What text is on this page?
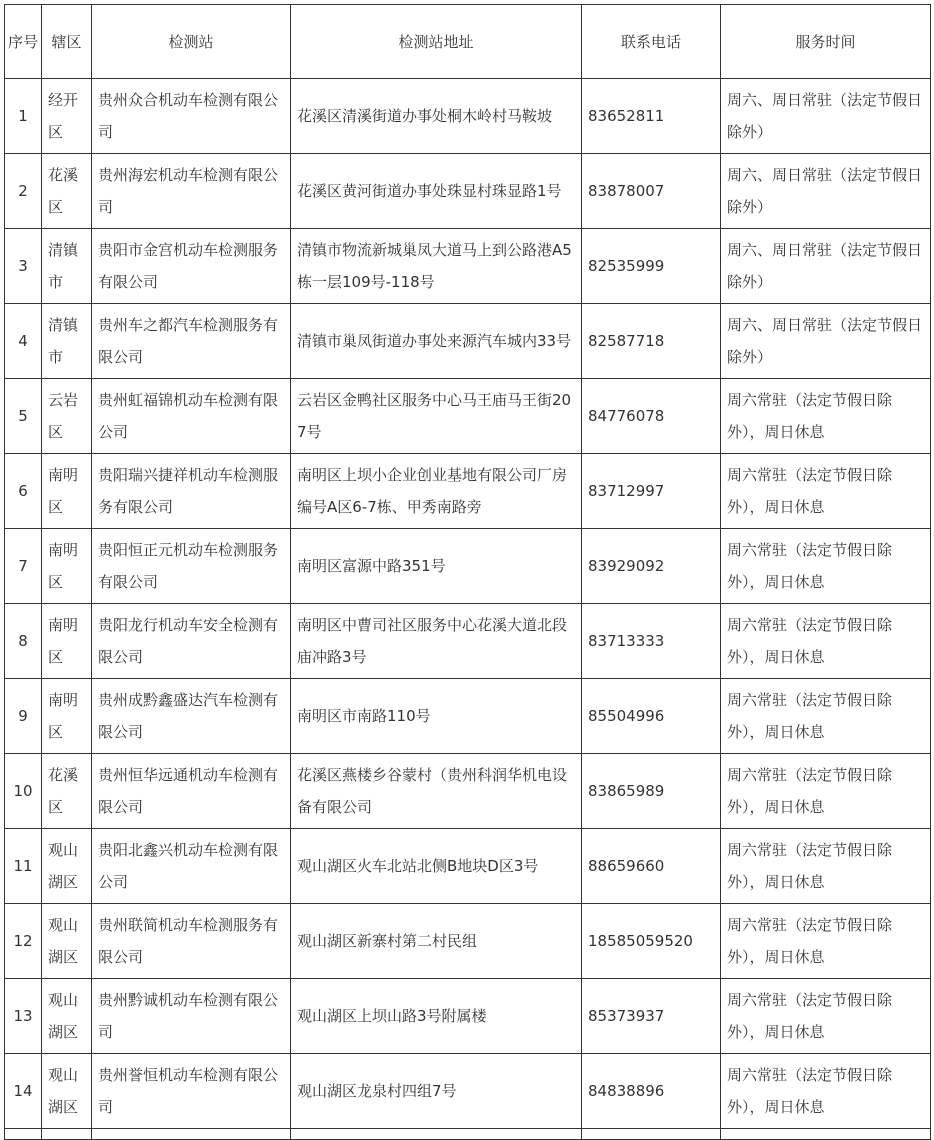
序号	辖区	检测站	检测站地址	联系电话	服务时间
1	经开区	贵州众合机动车检测有限公司	花溪区清溪街道办事处桐木岭村马鞍坡	83652811	周六、周日常驻（法定节假日除外）
2	花溪区	贵州海宏机动车检测有限公司	花溪区黄河街道办事处珠显村珠显路1号	83878007	周六、周日常驻（法定节假日除外）
3	清镇市	贵阳市金宫机动车检测服务有限公司	清镇市物流新城巢凤大道马上到公路港A5栋一层109号-118号	82535999	周六、周日常驻（法定节假日除外）
4	清镇市	贵州车之都汽车检测服务有限公司	清镇市巢凤街道办事处来源汽车城内33号	82587718	周六、周日常驻（法定节假日除外）
5	云岩区	贵州虹福锦机动车检测有限公司	云岩区金鸭社区服务中心马王庙马王街207号	84776078	周六常驻（法定节假日除外），周日休息
6	南明区	贵阳瑞兴捷祥机动车检测服务有限公司	南明区上坝小企业创业基地有限公司厂房编号A区6-7栋、甲秀南路旁	83712997	周六常驻（法定节假日除外），周日休息
7	南明区	贵阳恒正元机动车检测服务有限公司	南明区富源中路351号	83929092	周六常驻（法定节假日除外），周日休息
8	南明区	贵阳龙行机动车安全检测有限公司	南明区中曹司社区服务中心花溪大道北段庙冲路3号	83713333	周六常驻（法定节假日除外），周日休息
9	南明区	贵州成黔鑫盛达汽车检测有限公司	南明区市南路110号	85504996	周六常驻（法定节假日除外），周日休息
10	花溪区	贵州恒华远通机动车检测有限公司	花溪区燕楼乡谷蒙村（贵州科润华机电设备有限公司	83865989	周六常驻（法定节假日除外），周日休息
11	观山湖区	贵阳北鑫兴机动车检测有限公司	观山湖区火车北站北侧B地块D区3号	88659660	周六常驻（法定节假日除外），周日休息
12	观山湖区	贵州联简机动车检测服务有限公司	观山湖区新寨村第二村民组	18585059520	周六常驻（法定节假日除外），周日休息
13	观山湖区	贵州黔诚机动车检测有限公司	观山湖区上坝山路3号附属楼	85373937	周六常驻（法定节假日除外），周日休息
14	观山湖区	贵州誉恒机动车检测有限公司	观山湖区龙泉村四组7号	84838896	周六常驻（法定节假日除外），周日休息
